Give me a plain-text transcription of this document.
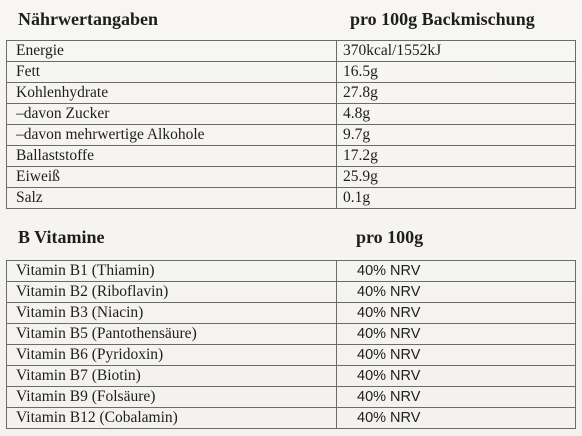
Nährwertangaben	pro 100g Backmischung
Energie	370kcal/1552kJ
Fett	16.5g
Kohlenhydrate	27.8g
–davon Zucker	4.8g
–davon mehrwertige Alkohole	9.7g
Ballaststoffe	17.2g
Eiweiß	25.9g
Salz	0.1g
B Vitamine	pro 100g
Vitamin B1 (Thiamin)	40% NRV
Vitamin B2 (Riboflavin)	40% NRV
Vitamin B3 (Niacin)	40% NRV
Vitamin B5 (Pantothensäure)	40% NRV
Vitamin B6 (Pyridoxin)	40% NRV
Vitamin B7 (Biotin)	40% NRV
Vitamin B9 (Folsäure)	40% NRV
Vitamin B12 (Cobalamin)	40% NRV
